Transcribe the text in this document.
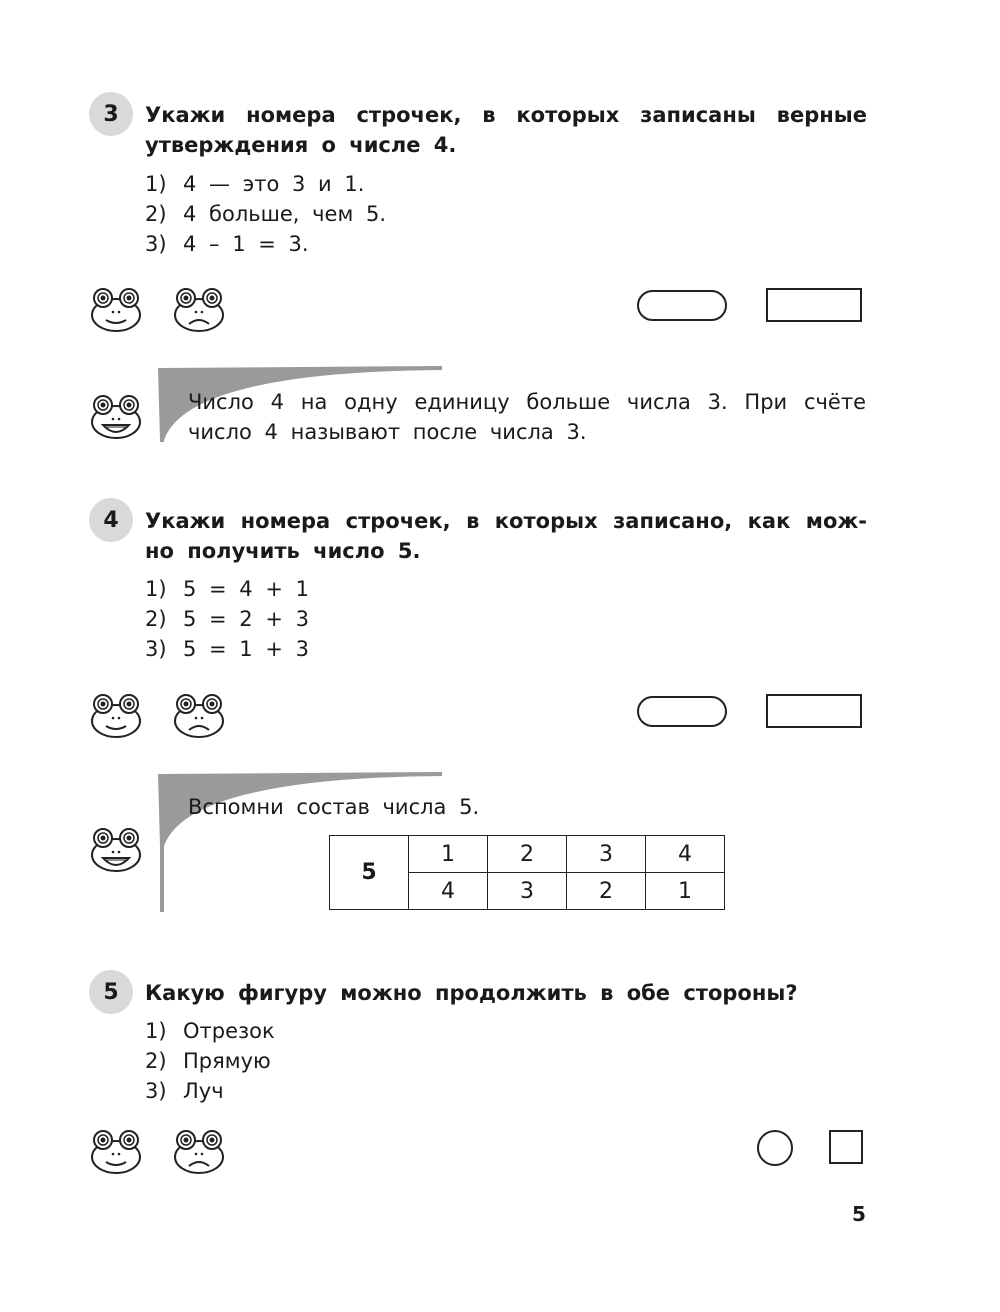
3 Укажи номера строчек, в которых записаны верные
утверждения о числе 4.
1) 4 — это 3 и 1.
2) 4 больше, чем 5.
3) 4 – 1 = 3.
Число 4 на одну единицу больше числа 3. При счёте число 4 называют после числа 3.
4 Укажи номера строчек, в которых записано, как мож-
но получить число 5.
1) 5 = 4 + 1
2) 5 = 2 + 3
3) 5 = 1 + 3
Вспомни состав числа 5.
5	1	2	3	4
	4	3	2	1
5 Какую фигуру можно продолжить в обе стороны?
1) Отрезок
2) Прямую
3) Луч
5
